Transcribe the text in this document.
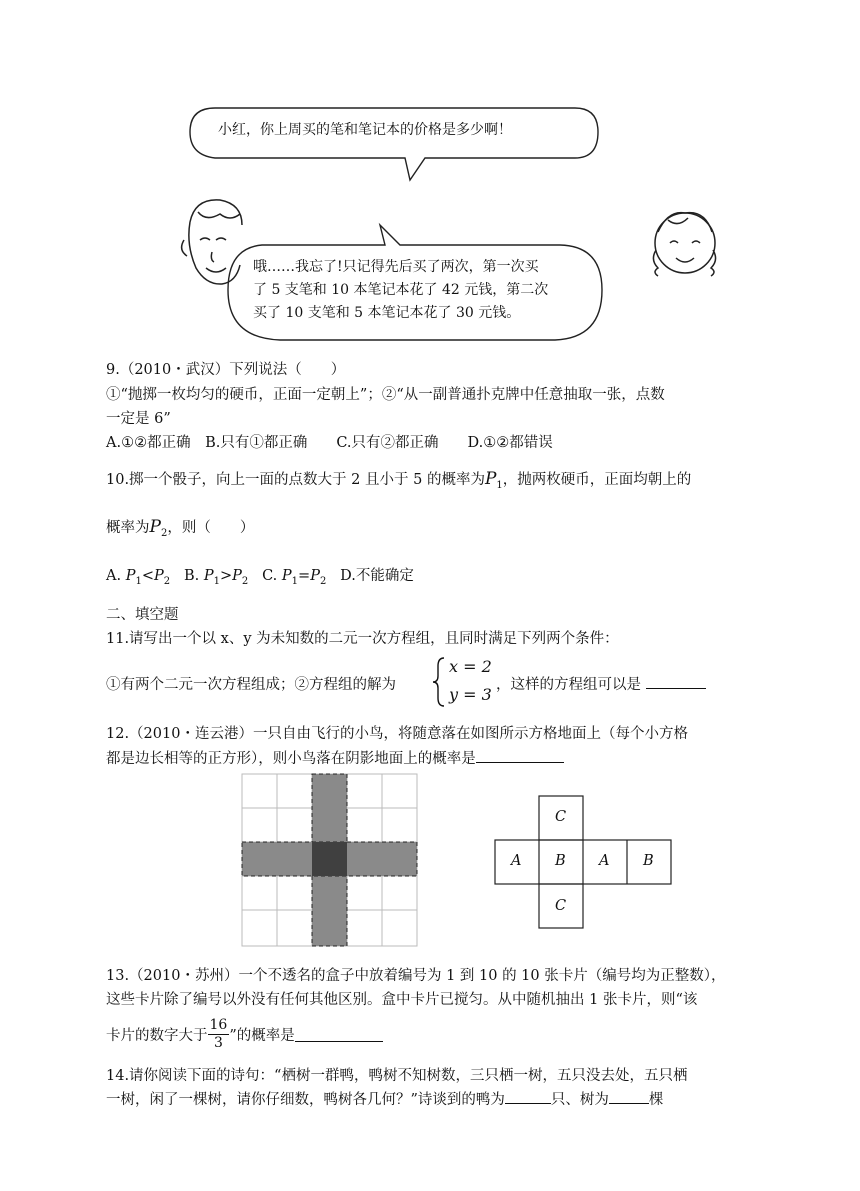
小红，你上周买的笔和笔记本的价格是多少啊！
哦……我忘了!只记得先后买了两次，第一次买
了 5 支笔和 10 本笔记本花了 42 元钱，第二次
买了 10 支笔和 5 本笔记本花了 30 元钱。
9.（2010・武汉）下列说法（　　）
①“抛掷一枚均匀的硬币，正面一定朝上”；②“从一副普通扑克牌中任意抽取一张，点数
一定是 6”
A.①②都正确　B.只有①都正确　　C.只有②都正确　　D.①②都错误
10.掷一个骰子，向上一面的点数大于 2 且小于 5 的概率为$P_1$，抛两枚硬币，正面均朝上的
概率为$P_2$，则（　　）
A. $P_1<P_2$ B. $P_1>P_2$ C. $P_1=P_2$ D.不能确定
二、填空题
11.请写出一个以 x、y 为未知数的二元一次方程组，且同时满足下列两个条件：
①有两个二元一次方程组成；②方程组的解为
x = 2
y = 3 ，这样的方程组可以是
12.（2010・连云港）一只自由飞行的小鸟，将随意落在如图所示方格地面上（每个小方格
都是边长相等的正方形），则小鸟落在阴影地面上的概率是
C
A B A B
C
13.（2010・苏州）一个不透名的盒子中放着编号为 1 到 10 的 10 张卡片（编号均为正整数），
这些卡片除了编号以外没有任何其他区别。盒中卡片已搅匀。从中随机抽出 1 张卡片，则“该
卡片的数字大于 $\frac{16}{3}$ ”的概率是
14.请你阅读下面的诗句：“栖树一群鸭，鸭树不知树数，三只栖一树，五只没去处，五只栖
一树，闲了一棵树，请你仔细数，鸭树各几何？”诗谈到的鸭为	只、树为	棵
